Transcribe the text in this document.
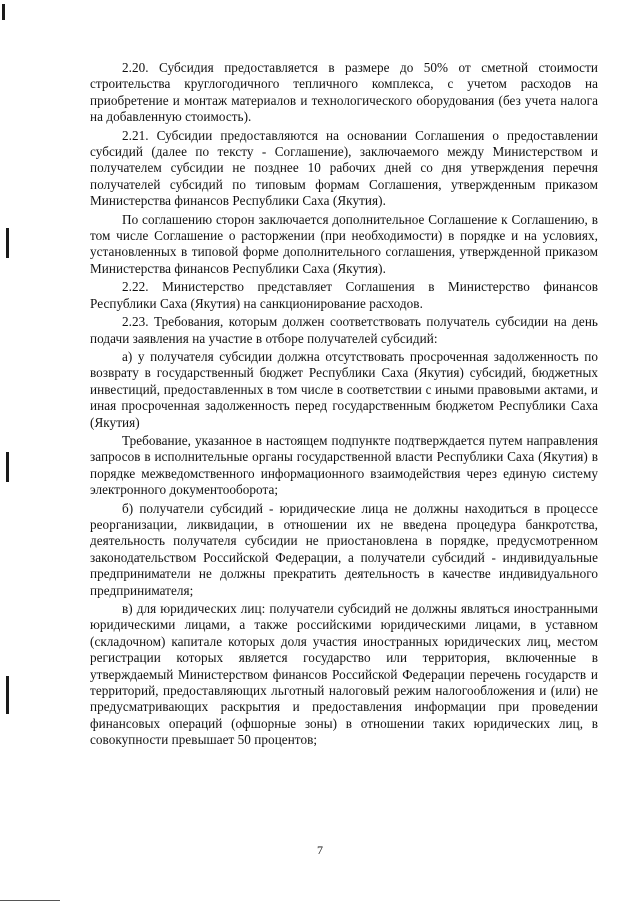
2.20. Субсидия предоставляется в размере до 50% от сметной стоимости строительства круглогодичного тепличного комплекса, с учетом расходов на приобретение и монтаж материалов и технологического оборудования (без учета налога на добавленную стоимость).

2.21. Субсидии предоставляются на основании Соглашения о предоставлении субсидий (далее по тексту - Соглашение), заключаемого между Министерством и получателем субсидии не позднее 10 рабочих дней со дня утверждения перечня получателей субсидий по типовым формам Соглашения, утвержденным приказом Министерства финансов Республики Саха (Якутия).

По соглашению сторон заключается дополнительное Соглашение к Соглашению, в том числе Соглашение о расторжении (при необходимости) в порядке и на условиях, установленных в типовой форме дополнительного соглашения, утвержденной приказом Министерства финансов Республики Саха (Якутия).

2.22. Министерство представляет Соглашения в Министерство финансов Республики Саха (Якутия) на санкционирование расходов.

2.23. Требования, которым должен соответствовать получатель субсидии на день подачи заявления на участие в отборе получателей субсидий:

а) у получателя субсидии должна отсутствовать просроченная задолженность по возврату в государственный бюджет Республики Саха (Якутия) субсидий, бюджетных инвестиций, предоставленных в том числе в соответствии с иными правовыми актами, и иная просроченная задолженность перед государственным бюджетом Республики Саха (Якутия)

Требование, указанное в настоящем подпункте подтверждается путем направления запросов в исполнительные органы государственной власти Республики Саха (Якутия) в порядке межведомственного информационного взаимодействия через единую систему электронного документооборота;

б) получатели субсидий - юридические лица не должны находиться в процессе реорганизации, ликвидации, в отношении их не введена процедура банкротства, деятельность получателя субсидии не приостановлена в порядке, предусмотренном законодательством Российской Федерации, а получатели субсидий - индивидуальные предприниматели не должны прекратить деятельность в качестве индивидуального предпринимателя;

в) для юридических лиц: получатели субсидий не должны являться иностранными юридическими лицами, а также российскими юридическими лицами, в уставном (складочном) капитале которых доля участия иностранных юридических лиц, местом регистрации которых является государство или территория, включенные в утверждаемый Министерством финансов Российской Федерации перечень государств и территорий, предоставляющих льготный налоговый режим налогообложения и (или) не предусматривающих раскрытия и предоставления информации при проведении финансовых операций (офшорные зоны) в отношении таких юридических лиц, в совокупности превышает 50 процентов;

7
